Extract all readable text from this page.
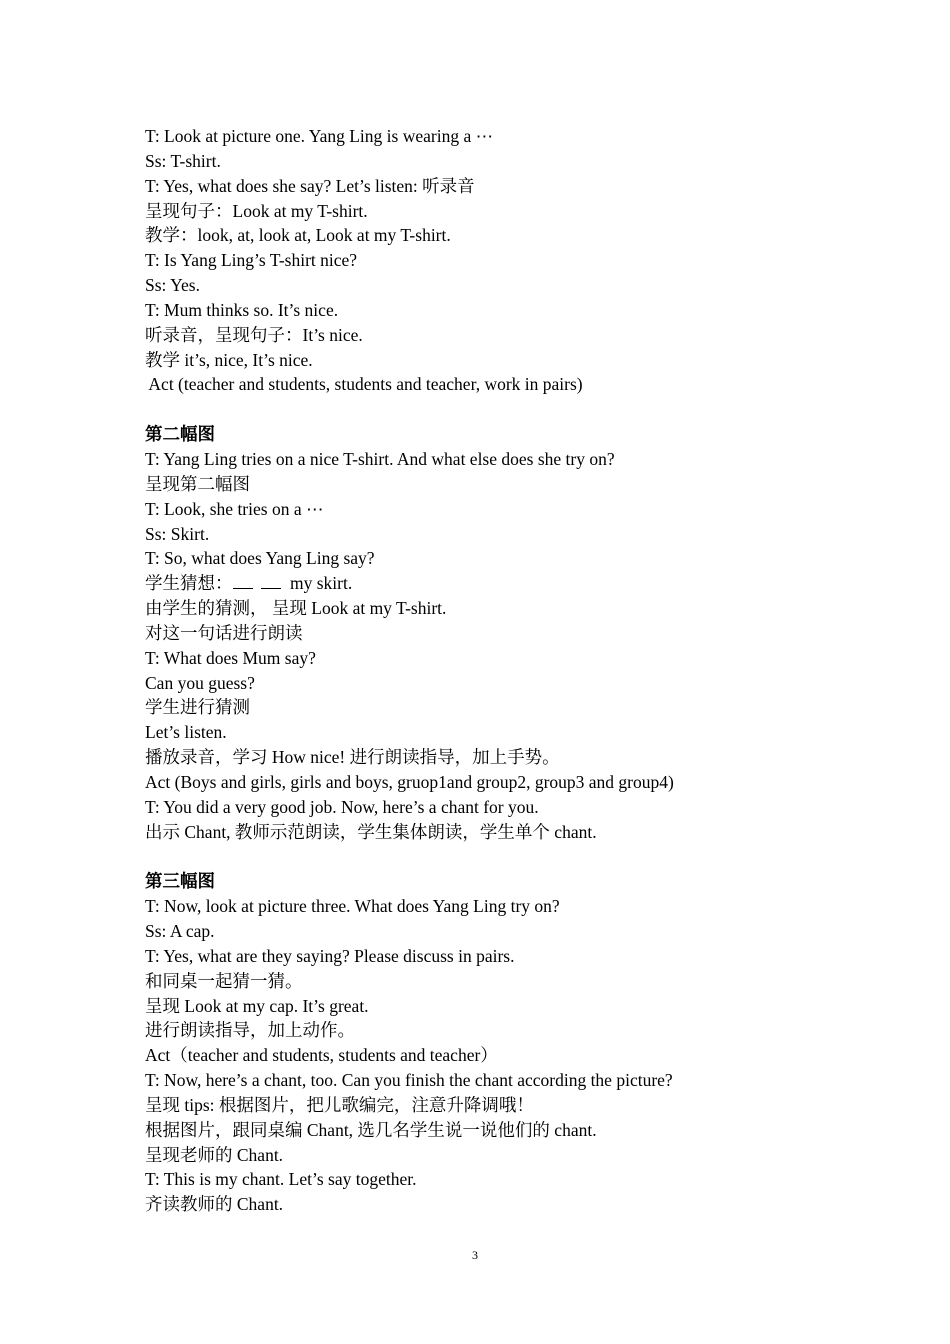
T: Look at picture one. Yang Ling is wearing a ⋯
Ss: T-shirt.
T: Yes, what does she say? Let’s listen: 听录音
呈现句子：Look at my T-shirt.
教学：look, at, look at, Look at my T-shirt.
T: Is Yang Ling’s T-shirt nice?
Ss: Yes.
T: Mum thinks so. It’s nice.
听录音，呈现句子：It’s nice.
教学 it’s, nice, It’s nice.
Act (teacher and students, students and teacher, work in pairs)
第二幅图
T: Yang Ling tries on a nice T-shirt. And what else does she try on?
呈现第二幅图
T: Look, she tries on a ⋯
Ss: Skirt.
T: So, what does Yang Ling say?
学生猜想：	my skirt.
由学生的猜测， 呈现 Look at my T-shirt.
对这一句话进行朗读
T: What does Mum say?
Can you guess?
学生进行猜测
Let’s listen.
播放录音，学习 How nice! 进行朗读指导，加上手势。
Act (Boys and girls, girls and boys, gruop1and group2, group3 and group4)
T: You did a very good job. Now, here’s a chant for you.
出示 Chant, 教师示范朗读，学生集体朗读，学生单个 chant.
第三幅图
T: Now, look at picture three. What does Yang Ling try on?
Ss: A cap.
T: Yes, what are they saying? Please discuss in pairs.
和同桌一起猜一猜。
呈现 Look at my cap. It’s great.
进行朗读指导，加上动作。
Act（teacher and students, students and teacher）
T: Now, here’s a chant, too. Can you finish the chant according the picture?
呈现 tips: 根据图片，把儿歌编完，注意升降调哦！
根据图片，跟同桌编 Chant, 选几名学生说一说他们的 chant.
呈现老师的 Chant.
T: This is my chant. Let’s say together.
齐读教师的 Chant.
3
